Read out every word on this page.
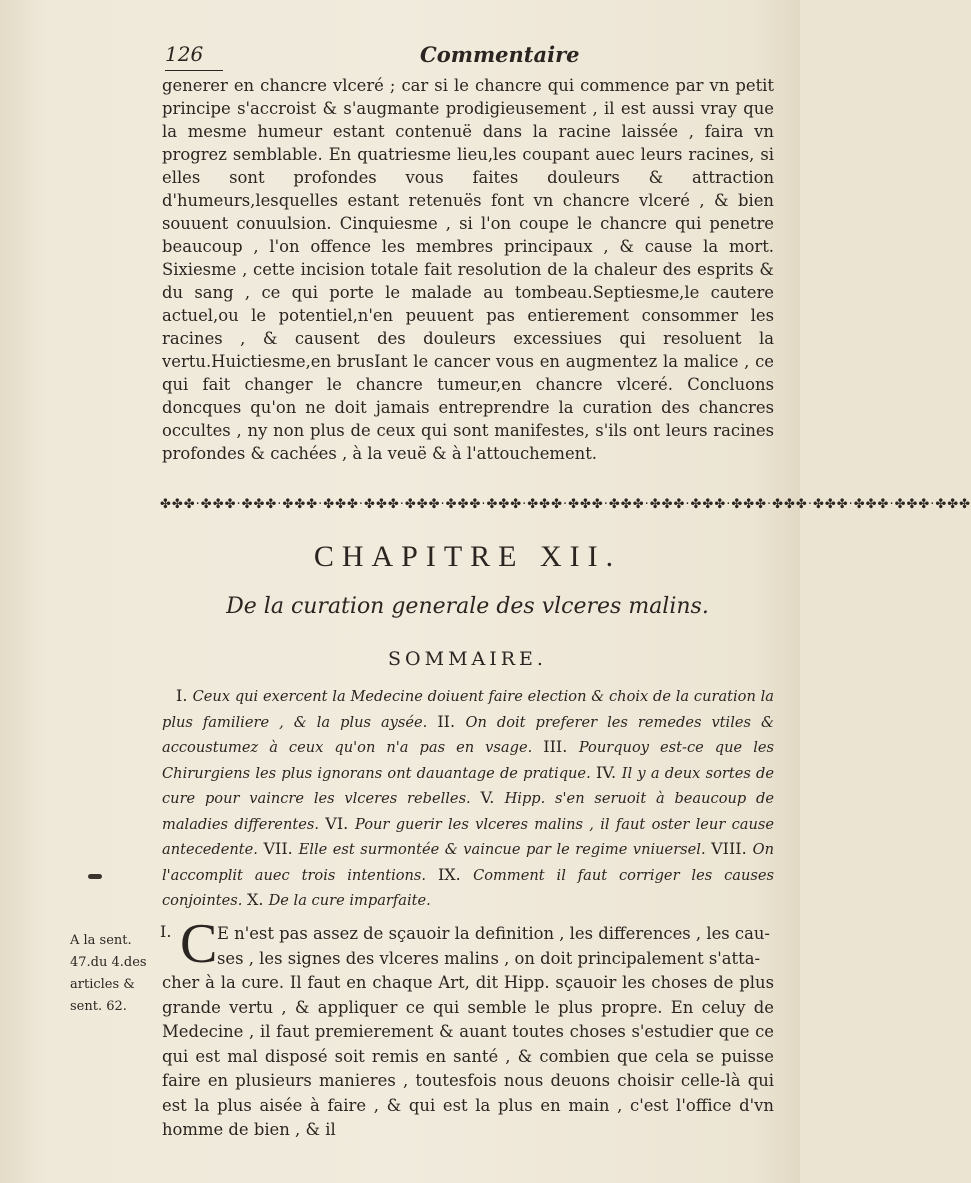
126	Commentaire

generer en chancre vlceré ; car si le chancre qui commence par vn petit principe s'accroist & s'augmante prodigieusement , il est aussi vray que la mesme humeur estant contenuë dans la racine laissée , faira vn progrez semblable. En quatriesme lieu,les coupant auec leurs racines, si elles sont profondes vous faites douleurs & attraction d'humeurs,lesquelles estant retenuës font vn chancre vlceré , & bien souuent conuulsion. Cinquiesme , si l'on coupe le chancre qui penetre beaucoup , l'on offence les membres principaux , & cause la mort. Sixiesme , cette incision totale fait resolution de la chaleur des esprits & du sang , ce qui porte le malade au tombeau.Septiesme,le cautere actuel,ou le potentiel,n'en peuuent pas entierement consommer les racines , & causent des douleurs excessiues qui resoluent la vertu.Huictiesme,en brusIant le cancer vous en augmentez la malice , ce qui fait changer le chancre tumeur,en chancre vlceré. Concluons doncques qu'on ne doit jamais entreprendre la curation des chancres occultes , ny non plus de ceux qui sont manifestes, s'ils ont leurs racines profondes & cachées , à la veuë & à l'attouchement.

✤✤✤·✤✤✤·✤✤✤·✤✤✤·✤✤✤·✤✤✤·✤✤✤·✤✤✤·✤✤✤·✤✤✤·✤✤✤·✤✤✤·✤✤✤·✤✤✤·✤✤✤·✤✤✤·✤✤✤·✤✤✤·✤✤✤·✤✤✤
CHAPITRE XII.
De la curation generale des vlceres malins.
SOMMAIRE.

I. Ceux qui exercent la Medecine doiuent faire election & choix de la curation la plus familiere , & la plus aysée. II. On doit preferer les remedes vtiles & accoustumez à ceux qu'on n'a pas en vsage. III. Pourquoy est-ce que les Chirurgiens les plus ignorans ont dauantage de pratique. IV. Il y a deux sortes de cure pour vaincre les vlceres rebelles. V. Hipp. s'en seruoit à beaucoup de maladies differentes. VI. Pour guerir les vlceres malins , il faut oster leur cause antecedente. VII. Elle est surmontée & vaincue par le regime vniuersel. VIII. On l'accomplit auec trois intentions. IX. Comment il faut corriger les causes conjointes. X. De la cure imparfaite.

A la sent. 47.du 4.des articles & sent. 62.
I. C E n'est pas assez de sçauoir la definition , les differences , les cau-
ses , les signes des vlceres malins , on doit principalement s'atta-
cher à la cure. Il faut en chaque Art, dit Hipp. sçauoir les choses de plus grande vertu , & appliquer ce qui semble le plus propre. En celuy de Medecine , il faut premierement & auant toutes choses s'estudier que ce qui est mal disposé soit remis en santé , & combien que cela se puisse faire en plusieurs manieres , toutesfois nous deuons choisir celle-là qui est la plus aisée à faire , & qui est la plus en main , c'est l'office d'vn homme de bien , & il
